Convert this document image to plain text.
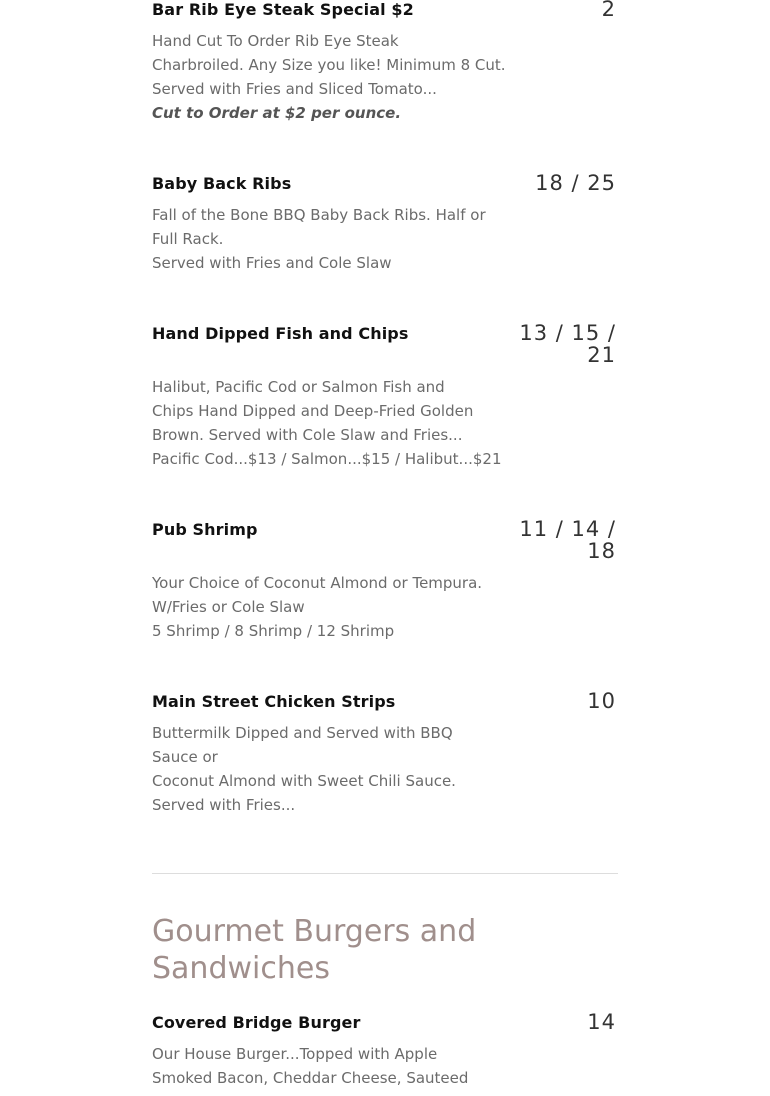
Bar Rib Eye Steak Special $2	2
Hand Cut To Order Rib Eye Steak
Charbroiled. Any Size you like! Minimum 8 Cut.
Served with Fries and Sliced Tomato...
Cut to Order at $2 per ounce.
Baby Back Ribs	18 / 25
Fall of the Bone BBQ Baby Back Ribs. Half or
Full Rack.
Served with Fries and Cole Slaw
Hand Dipped Fish and Chips	13 / 15 /
21
Halibut, Pacific Cod or Salmon Fish and
Chips Hand Dipped and Deep-Fried Golden
Brown. Served with Cole Slaw and Fries...
Pacific Cod...$13 / Salmon...$15 / Halibut...$21
Pub Shrimp	11 / 14 /
18
Your Choice of Coconut Almond or Tempura.
W/Fries or Cole Slaw
5 Shrimp / 8 Shrimp / 12 Shrimp
Main Street Chicken Strips	10
Buttermilk Dipped and Served with BBQ
Sauce or
Coconut Almond with Sweet Chili Sauce.
Served with Fries...
Gourmet Burgers and
Sandwiches
Covered Bridge Burger	14
Our House Burger...Topped with Apple
Smoked Bacon, Cheddar Cheese, Sauteed
